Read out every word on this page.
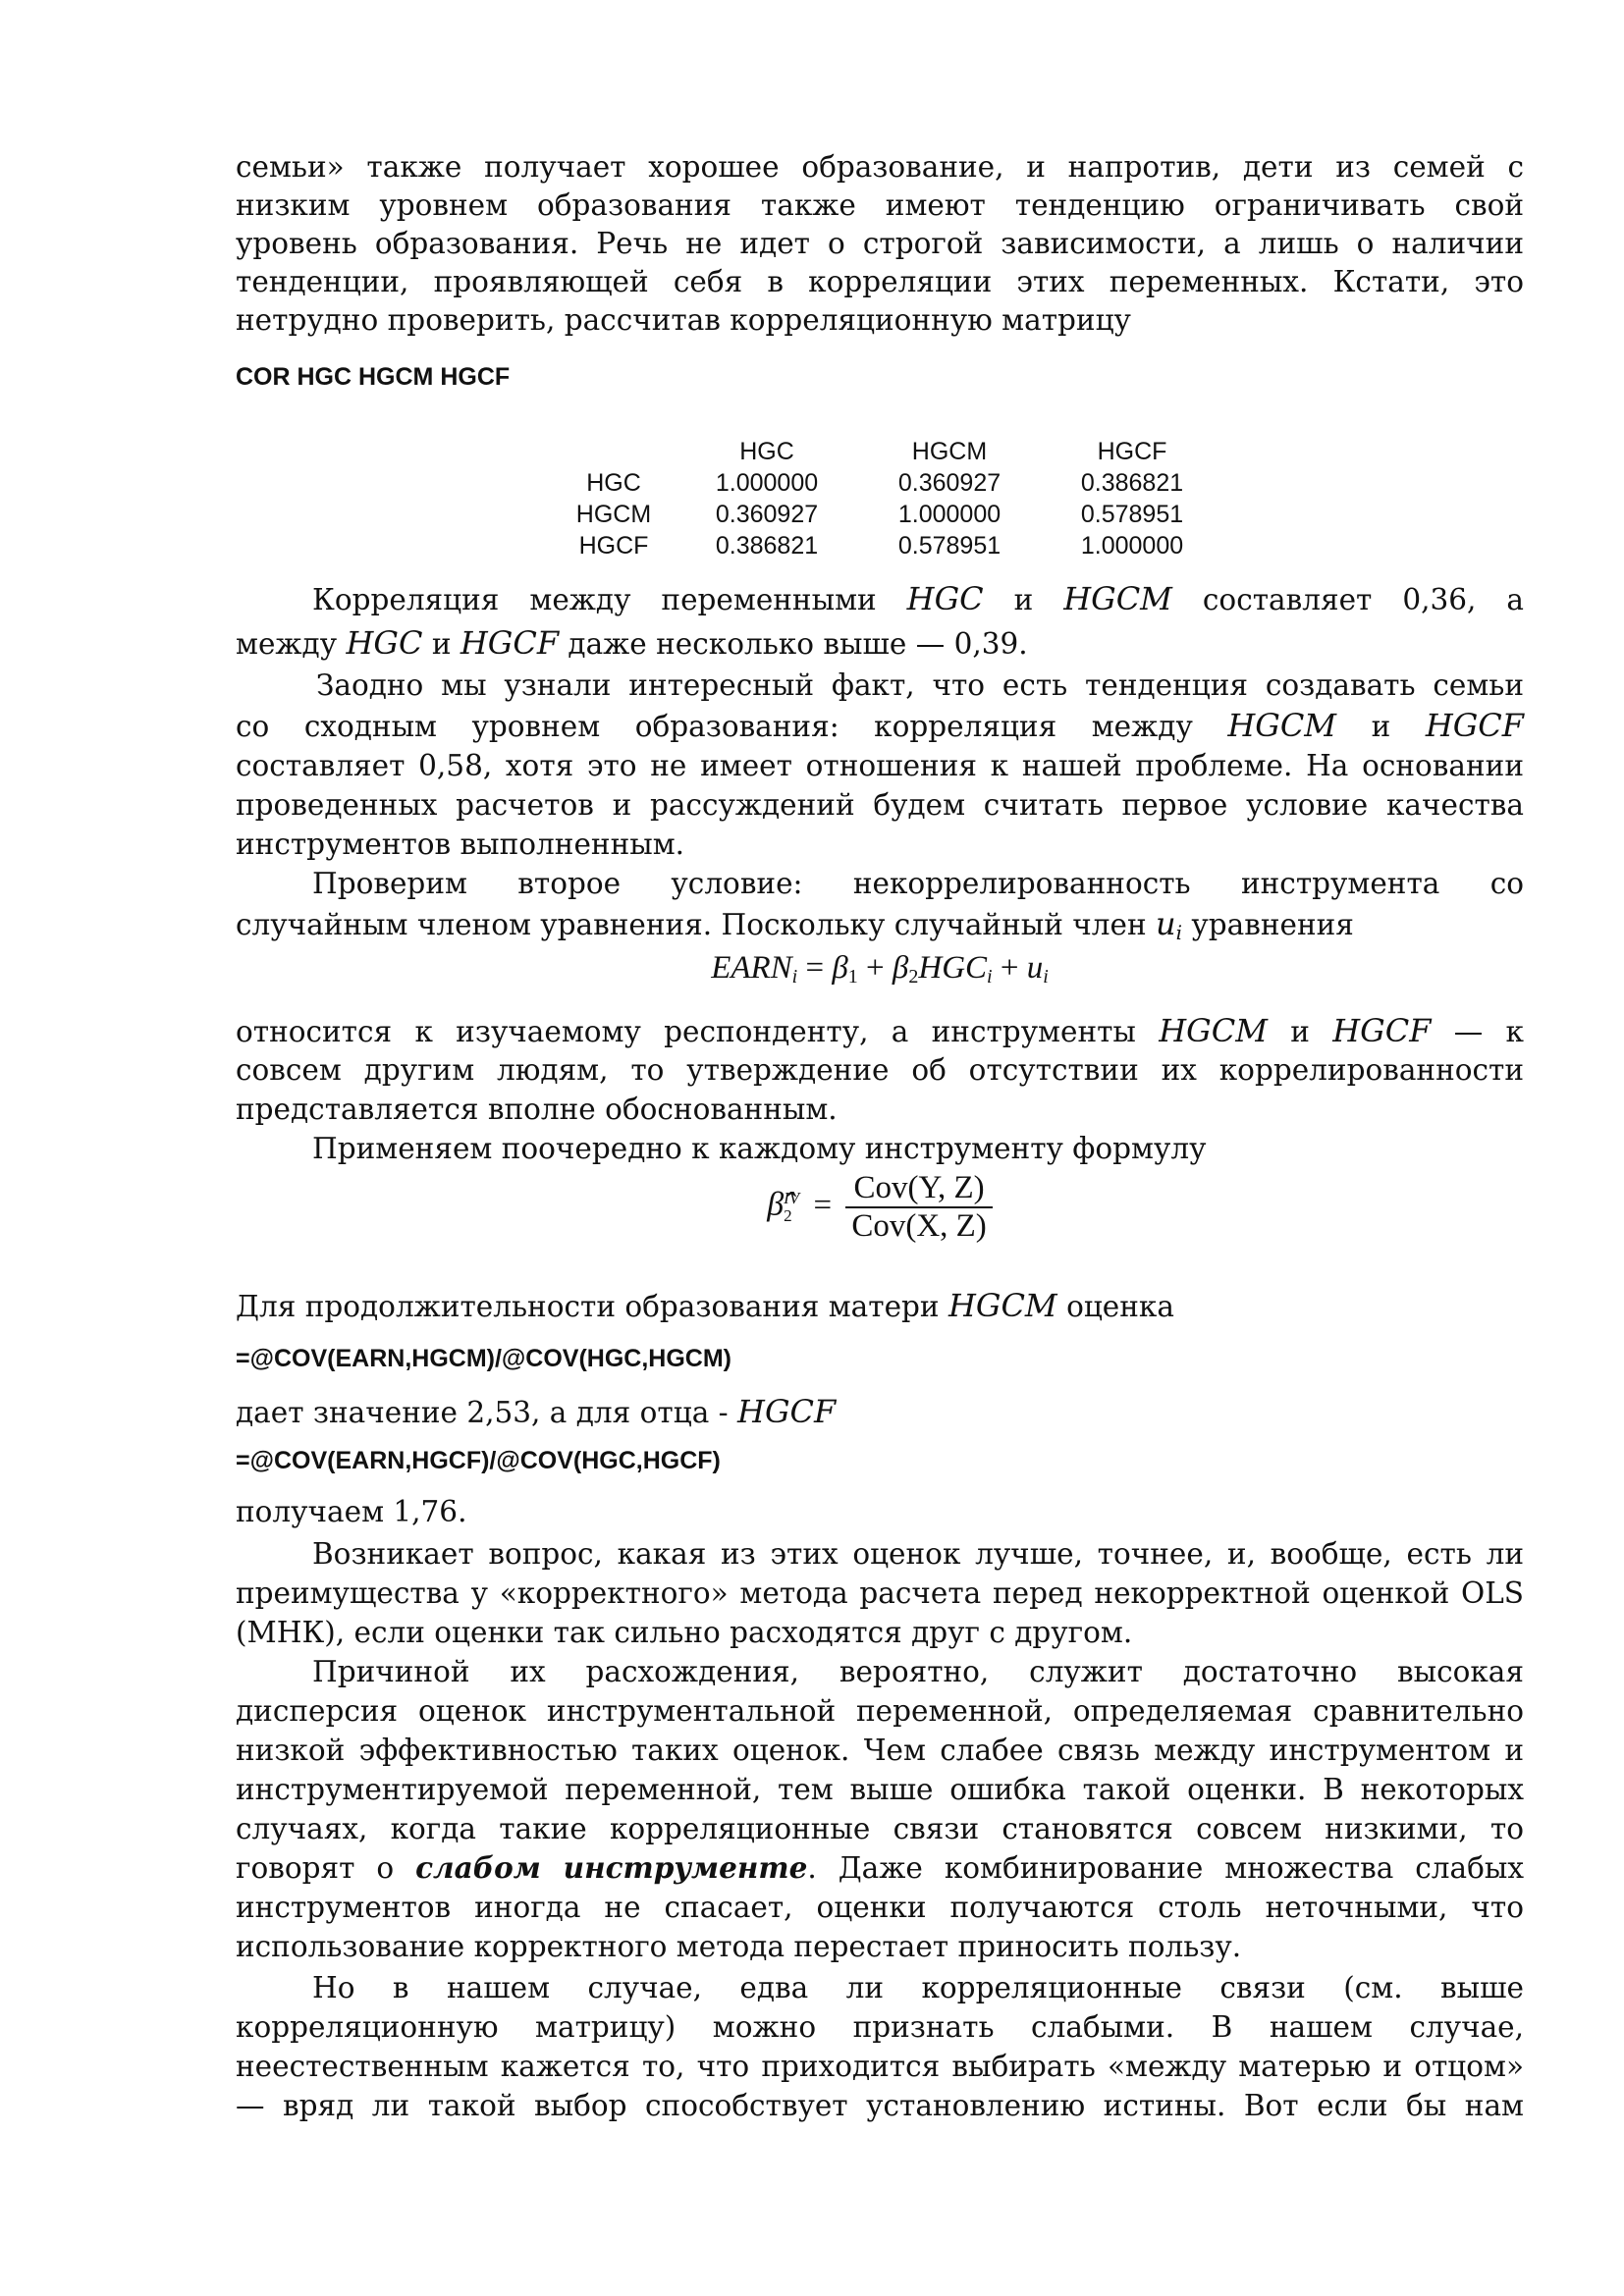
семьи» также получает хорошее образование, и напротив, дети из семей с
низким уровнем образования также имеют тенденцию ограничивать свой
уровень образования. Речь не идет о строгой зависимости, а лишь о наличии
тенденции, проявляющей себя в корреляции этих переменных. Кстати, это
нетрудно проверить, рассчитав корреляционную матрицу
COR HGC HGCM HGCF
	HGC	HGCM	HGCF
HGC	1.000000	0.360927	0.386821
HGCM	0.360927	1.000000	0.578951
HGCF	0.386821	0.578951	1.000000
Корреляция между переменными HGC и HGCM составляет 0,36, а
между HGC и HGCF даже несколько выше — 0,39.
Заодно мы узнали интересный факт, что есть тенденция создавать семьи
со сходным уровнем образования: корреляция между HGCM и HGCF
составляет 0,58, хотя это не имеет отношения к нашей проблеме. На основании
проведенных расчетов и рассуждений будем считать первое условие качества
инструментов выполненным.
Проверим второе условие: некоррелированность инструмента со
случайным членом уравнения. Поскольку случайный член $u_i$ уравнения
$EARN_i = \beta_1 + \beta_2HGC_i + u_i$
относится к изучаемому респонденту, а инструменты HGCM и HGCF — к
совсем другим людям, то утверждение об отсутствии их коррелированности
представляется вполне обоснованным.
Применяем поочередно к каждому инструменту формулу
β̂ IV
$2 = \frac{\text{Cov(Y, Z)}}{\text{Cov(X, Z)}}$
Для продолжительности образования матери HGCM оценка
=@COV(EARN,HGCM)/@COV(HGC,HGCM)
дает значение 2,53, а для отца - HGCF
=@COV(EARN,HGCF)/@COV(HGC,HGCF)
получаем 1,76.
Возникает вопрос, какая из этих оценок лучше, точнее, и, вообще, есть ли
преимущества у «корректного» метода расчета перед некорректной оценкой OLS
(МНК), если оценки так сильно расходятся друг с другом.
Причиной их расхождения, вероятно, служит достаточно высокая
дисперсия оценок инструментальной переменной, определяемая сравнительно
низкой эффективностью таких оценок. Чем слабее связь между инструментом и
инструментируемой переменной, тем выше ошибка такой оценки. В некоторых
случаях, когда такие корреляционные связи становятся совсем низкими, то
говорят о слабом инструменте. Даже комбинирование множества слабых
инструментов иногда не спасает, оценки получаются столь неточными, что
использование корректного метода перестает приносить пользу.
Но в нашем случае, едва ли корреляционные связи (см. выше
корреляционную матрицу) можно признать слабыми. В нашем случае,
неестественным кажется то, что приходится выбирать «между матерью и отцом»
— вряд ли такой выбор способствует установлению истины. Вот если бы нам
